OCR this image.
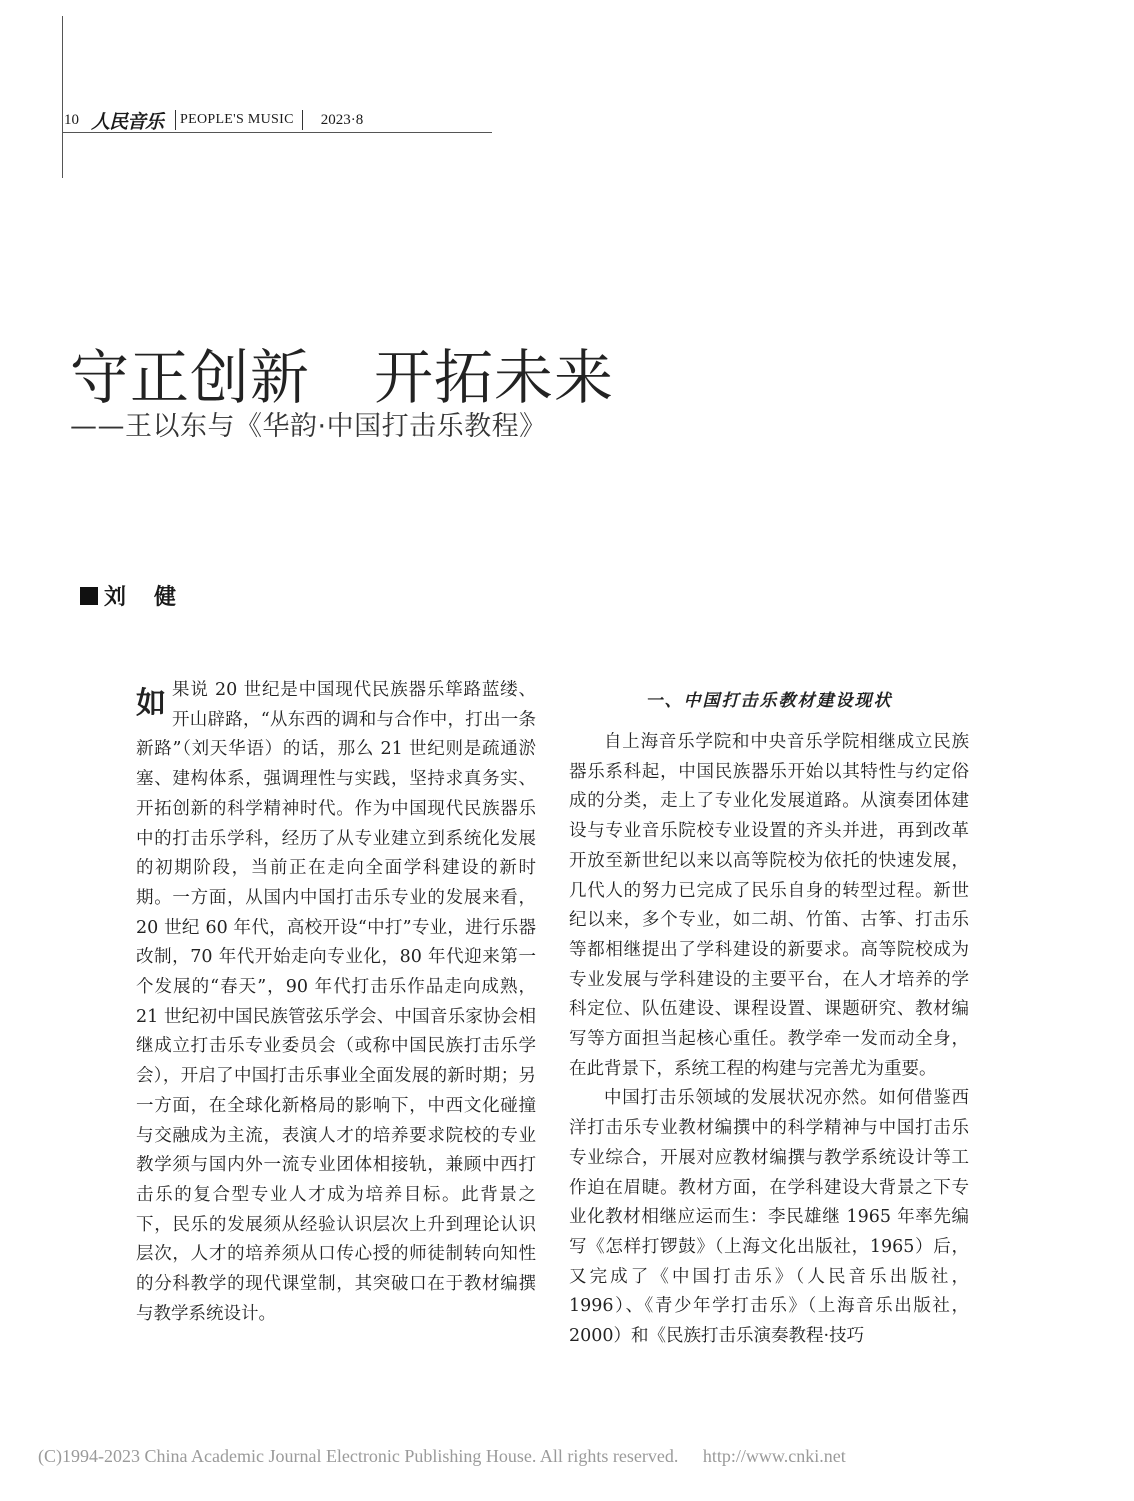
10 人民音乐 PEOPLE'S MUSIC 2023·8
守正创新 开拓未来
——王以东与《华韵·中国打击乐教程》
刘 健
如 果说 20 世纪是中国现代民族器乐筚路蓝缕、开山辟路，“从东西的调和与合作中，打出一条新路”（刘天华语）的话，那么 21 世纪则是疏通淤塞、建构体系，强调理性与实践，坚持求真务实、开拓创新的科学精神时代。作为中国现代民族器乐中的打击乐学科，经历了从专业建立到系统化发展的初期阶段，当前正在走向全面学科建设的新时期。一方面，从国内中国打击乐专业的发展来看，20 世纪 60 年代，高校开设“中打”专业，进行乐器改制，70 年代开始走向专业化，80 年代迎来第一个发展的“春天”，90 年代打击乐作品走向成熟，21 世纪初中国民族管弦乐学会、中国音乐家协会相继成立打击乐专业委员会（或称中国民族打击乐学会），开启了中国打击乐事业全面发展的新时期；另一方面，在全球化新格局的影响下，中西文化碰撞与交融成为主流，表演人才的培养要求院校的专业教学须与国内外一流专业团体相接轨，兼顾中西打击乐的复合型专业人才成为培养目标。此背景之下，民乐的发展须从经验认识层次上升到理论认识层次，人才的培养须从口传心授的师徒制转向知性的分科教学的现代课堂制，其突破口在于教材编撰与教学系统设计。

一、中国打击乐教材建设现状

自上海音乐学院和中央音乐学院相继成立民族器乐系科起，中国民族器乐开始以其特性与约定俗成的分类，走上了专业化发展道路。从演奏团体建设与专业音乐院校专业设置的齐头并进，再到改革开放至新世纪以来以高等院校为依托的快速发展，几代人的努力已完成了民乐自身的转型过程。新世纪以来，多个专业，如二胡、竹笛、古筝、打击乐等都相继提出了学科建设的新要求。高等院校成为专业发展与学科建设的主要平台，在人才培养的学科定位、队伍建设、课程设置、课题研究、教材编写等方面担当起核心重任。教学牵一发而动全身，在此背景下，系统工程的构建与完善尤为重要。

中国打击乐领域的发展状况亦然。如何借鉴西洋打击乐专业教材编撰中的科学精神与中国打击乐专业综合，开展对应教材编撰与教学系统设计等工作迫在眉睫。教材方面，在学科建设大背景之下专业化教材相继应运而生：李民雄继 1965 年率先编写《怎样打锣鼓》（上海文化出版社，1965）后，又完成了《中国打击乐》（人民音乐出版社，1996）、《青少年学打击乐》（上海音乐出版社，2000）和《民族打击乐演奏教程·技巧

(C)1994-2023 China Academic Journal Electronic Publishing House. All rights reserved. http://www.cnki.net
